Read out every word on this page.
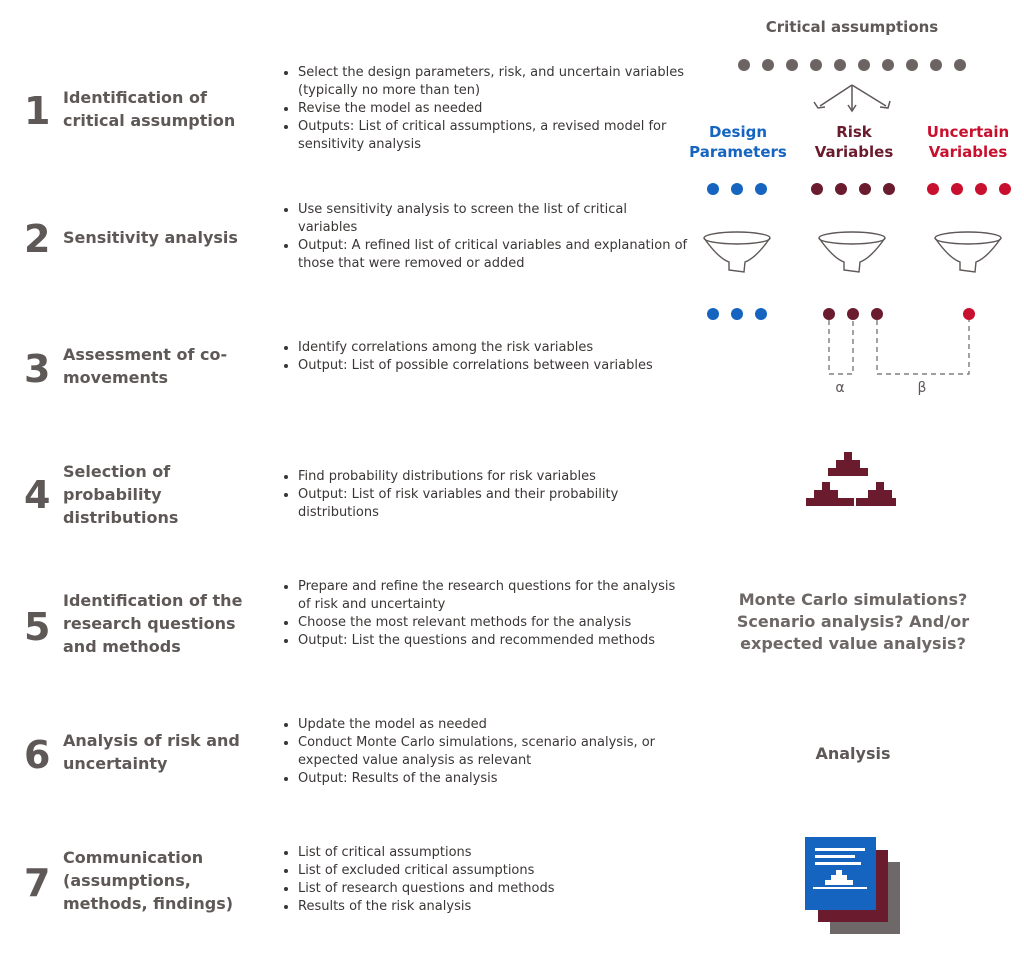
1 Identification of critical assumption

• Select the design parameters, risk, and uncertain variables (typically no more than ten)
• Revise the model as needed
• Outputs: List of critical assumptions, a revised model for sensitivity analysis
2 Sensitivity analysis

• Use sensitivity analysis to screen the list of critical variables
• Output: A refined list of critical variables and explanation of those that were removed or added
3 Assessment of co-movements

• Identify correlations among the risk variables
• Output: List of possible correlations between variables
4

Selection of probability distributions

• Find probability distributions for risk variables
• Output: List of risk variables and their probability distributions
5

Identification of the research questions and methods

• Prepare and refine the research questions for the analysis of risk and uncertainty
• Choose the most relevant methods for the analysis
• Output: List the questions and recommended methods
6 Analysis of risk and uncertainty

• Update the model as needed
• Conduct Monte Carlo simulations, scenario analysis, or expected value analysis as relevant
• Output: Results of the analysis
7

Communication (assumptions, methods, findings)

• List of critical assumptions
• List of excluded critical assumptions
• List of research questions and methods
• Results of the risk analysis
Critical assumptions
Design
Parameters
Risk
Variables
Uncertain
Variables
α	β
Monte Carlo simulations? Scenario analysis? And/or expected value analysis?
Analysis
